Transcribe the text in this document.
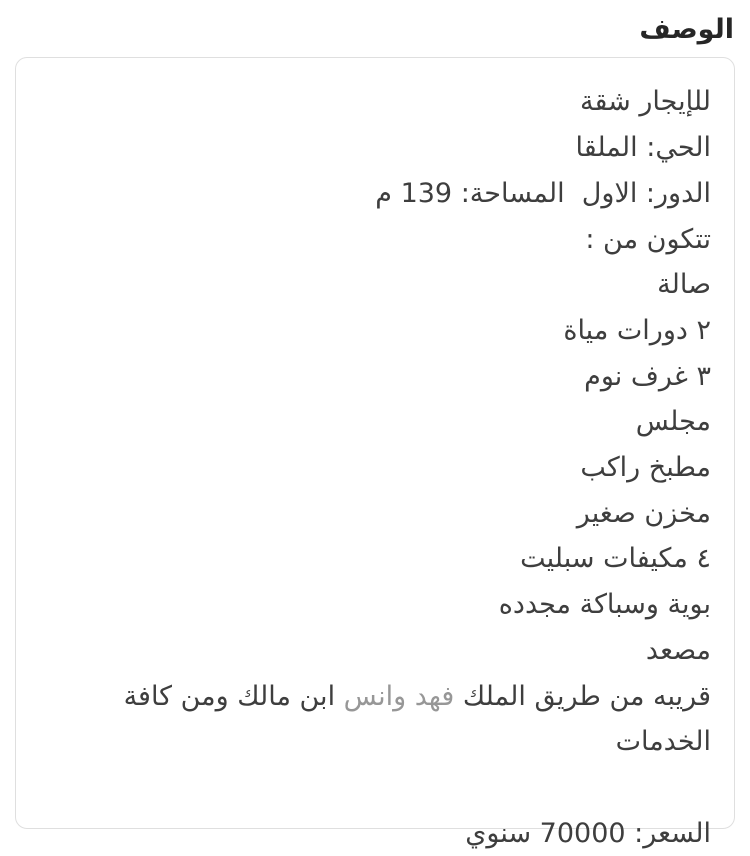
الوصف
للإيجار شقة
الحي: الملقا
الدور: الاول  المساحة: 139 م
تتكون من :
صالة
٢ دورات مياة
٣ غرف نوم
مجلس
مطبخ راكب
مخزن صغير
٤ مكيفات سبليت
بوية وسباكة مجدده
مصعد
قريبه من طريق الملك فهد وانس ابن مالك ومن كافة الخدمات

السعر: 70000 سنوي
